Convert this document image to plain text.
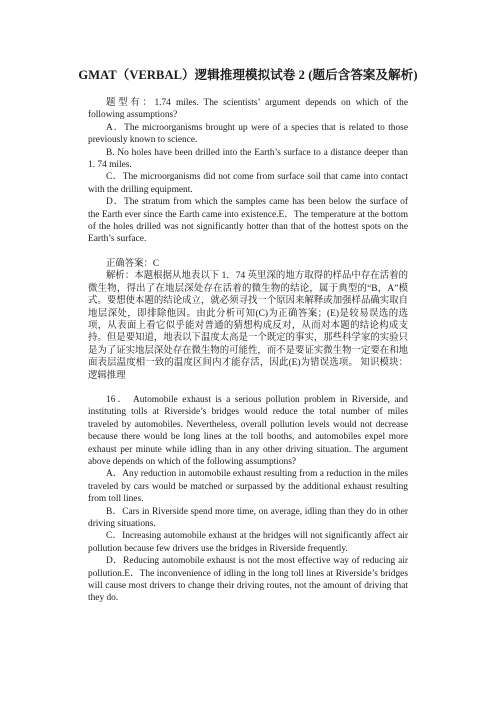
GMAT（VERBAL）逻辑推理模拟试卷 2 (题后含答案及解析)

题型有：1.74 miles. The scientists’ argument depends on which of the following assumptions?

A．The microorganisms brought up were of a species that is related to those previously known to science.

B. No holes have been drilled into the Earth’s surface to a distance deeper than 1. 74 miles.

C．The microorganisms did not come from surface soil that came into contact with the drilling equipment.

D．The stratum from which the samples came has been below the surface of the Earth ever since the Earth came into existence.E．The temperature at the bottom of the holes drilled was not significantly hotter than that of the hottest spots on the Earth’s surface.

正确答案：C

解析：本题根据从地表以下 1．74 英里深的地方取得的样品中存在活着的微生物，得出了在地层深处存在活着的微生物的结论，属于典型的“B，A”模式。要想使本题的结论成立，就必须寻找一个原因来解释或加强样品确实取自地层深处，即排除他因。由此分析可知(C)为正确答案；(E)是较易误选的选项，从表面上看它似乎能对普通的猜想构成反对，从而对本题的结论构成支持。但是要知道，地表以下温度太高是一个既定的事实，那些科学家的实验只是为了证实地层深处存在微生物的可能性，而不是要证实微生物一定要在和地面表层温度相一致的温度区间内才能存活，因此(E)为错误选项。 知识模块：逻辑推理

16． Automobile exhaust is a serious pollution problem in Riverside, and instituting tolls at Riverside’s bridges would reduce the total number of miles traveled by automobiles. Nevertheless, overall pollution levels would not decrease because there would be long lines at the toll booths, and automobiles expel more exhaust per minute while idling than in any other driving situation. The argument above depends on which of the following assumptions?

A．Any reduction in automobile exhaust resulting from a reduction in the miles traveled by cars would be matched or surpassed by the additional exhaust resulting from toll lines.

B．Cars in Riverside spend more time, on average, idling than they do in other driving situations.

C．Increasing automobile exhaust at the bridges will not significantly affect air pollution because few drivers use the bridges in Riverside frequently.

D．Reducing automobile exhaust is not the most effective way of reducing air pollution.E．The inconvenience of idling in the long toll lines at Riverside’s bridges will cause most drivers to change their driving routes, not the amount of driving that they do.
